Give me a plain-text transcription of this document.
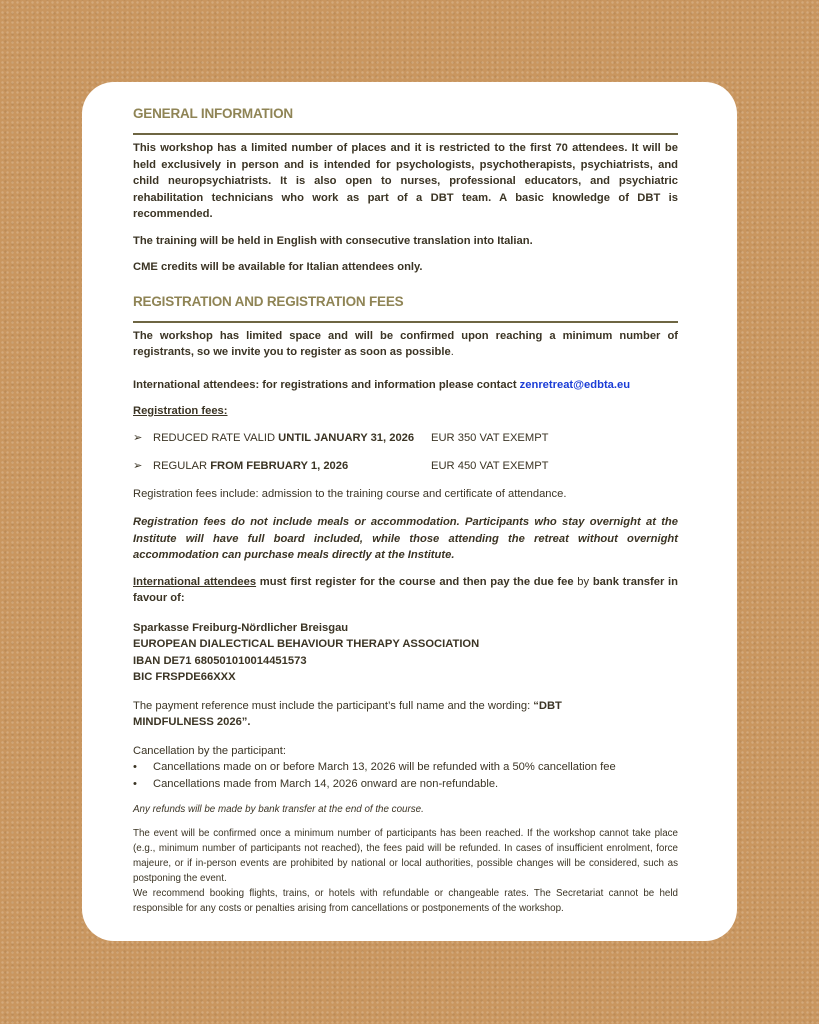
GENERAL INFORMATION

This workshop has a limited number of places and it is restricted to the first 70 attendees. It will be held exclusively in person and is intended for psychologists, psychotherapists, psychiatrists, and child neuropsychiatrists. It is also open to nurses, professional educators, and psychiatric rehabilitation technicians who work as part of a DBT team. A basic knowledge of DBT is recommended.

The training will be held in English with consecutive translation into Italian.

CME credits will be available for Italian attendees only.

REGISTRATION AND REGISTRATION FEES

The workshop has limited space and will be confirmed upon reaching a minimum number of registrants, so we invite you to register as soon as possible.

International attendees: for registrations and information please contact zenretreat@edbta.eu

Registration fees:

➢ REDUCED RATE VALID UNTIL JANUARY 31, 2026	EUR 350 VAT EXEMPT
➢ REGULAR FROM FEBRUARY 1, 2026	EUR 450 VAT EXEMPT

Registration fees include: admission to the training course and certificate of attendance.

Registration fees do not include meals or accommodation. Participants who stay overnight at the Institute will have full board included, while those attending the retreat without overnight accommodation can purchase meals directly at the Institute.

International attendees must first register for the course and then pay the due fee by bank transfer in favour of:

Sparkasse Freiburg-Nördlicher Breisgau

EUROPEAN DIALECTICAL BEHAVIOUR THERAPY ASSOCIATION

IBAN DE71 680501010014451573

BIC FRSPDE66XXX

The payment reference must include the participant’s full name and the wording: “DBT MINDFULNESS 2026”.

Cancellation by the participant:

•	Cancellations made on or before March 13, 2026 will be refunded with a 50% cancellation fee
•	Cancellations made from March 14, 2026 onward are non-refundable.

Any refunds will be made by bank transfer at the end of the course.

The event will be confirmed once a minimum number of participants has been reached. If the workshop cannot take place (e.g., minimum number of participants not reached), the fees paid will be refunded. In cases of insufficient enrolment, force majeure, or if in-person events are prohibited by national or local authorities, possible changes will be considered, such as postponing the event.

We recommend booking flights, trains, or hotels with refundable or changeable rates. The Secretariat cannot be held responsible for any costs or penalties arising from cancellations or postponements of the workshop.
